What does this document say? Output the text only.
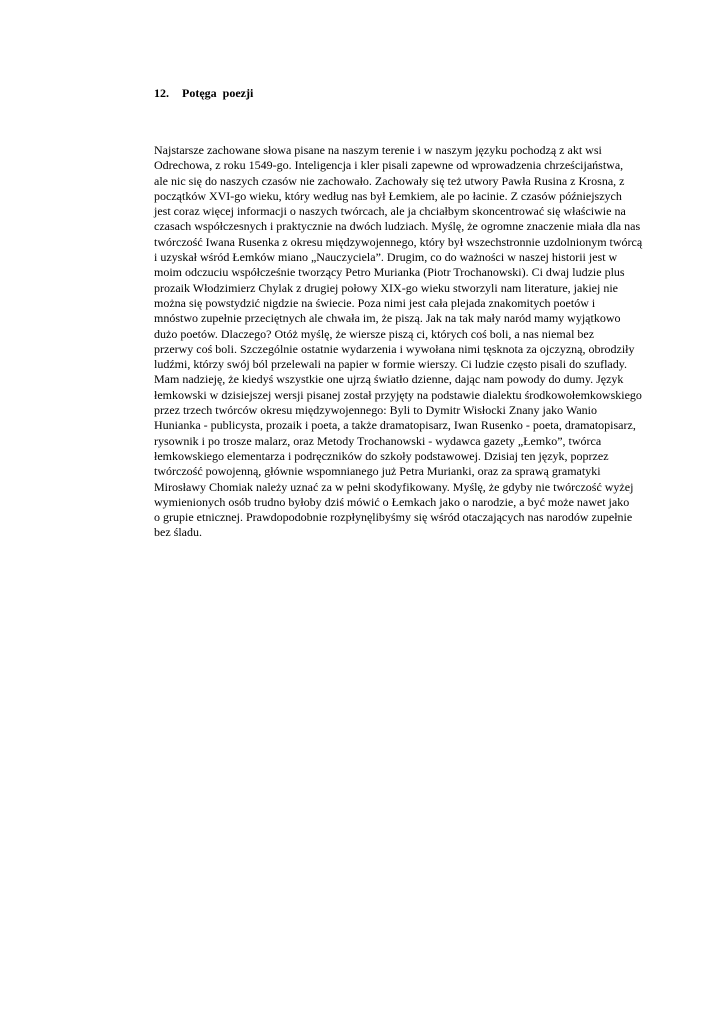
12. Potęga  poezji
Najstarsze zachowane słowa pisane na naszym terenie i w naszym języku pochodzą z akt wsi
Odrechowa, z roku 1549-go. Inteligencja i kler pisali zapewne od wprowadzenia chrześcijaństwa,
ale nic się do naszych czasów nie zachowało. Zachowały się też utwory Pawła Rusina z Krosna, z
początków XVI-go wieku, który według nas był Łemkiem, ale po łacinie. Z czasów późniejszych
jest coraz więcej informacji o naszych twórcach, ale ja chciałbym skoncentrować się właściwie na
czasach współczesnych i praktycznie na dwóch ludziach. Myślę, że ogromne znaczenie miała dla nas
twórczość Iwana Rusenka z okresu międzywojennego, który był wszechstronnie uzdolnionym twórcą
i uzyskał wśród Łemków miano „Nauczyciela”. Drugim, co do ważności w naszej historii jest w
moim odczuciu współcześnie tworzący Petro Murianka (Piotr Trochanowski). Ci dwaj ludzie plus
prozaik Włodzimierz Chylak z drugiej połowy XIX-go wieku stworzyli nam literature, jakiej nie
można się powstydzić nigdzie na świecie. Poza nimi jest cała plejada znakomitych poetów i
mnóstwo zupełnie przeciętnych ale chwała im, że piszą. Jak na tak mały naród mamy wyjątkowo
dużo poetów. Dlaczego? Otóż myślę, że wiersze piszą ci, których coś boli, a nas niemal bez
przerwy coś boli. Szczególnie ostatnie wydarzenia i wywołana nimi tęsknota za ojczyzną, obrodziły
ludźmi, którzy swój ból przelewali na papier w formie wierszy. Ci ludzie często pisali do szuflady.
Mam nadzieję, że kiedyś wszystkie one ujrzą światło dzienne, dając nam powody do dumy. Język
łemkowski w dzisiejszej wersji pisanej został przyjęty na podstawie dialektu środkowołemkowskiego
przez trzech twórców okresu międzywojennego: Byli to Dymitr Wisłocki Znany jako Wanio
Hunianka - publicysta, prozaik i poeta, a także dramatopisarz, Iwan Rusenko - poeta, dramatopisarz,
rysownik i po trosze malarz, oraz Metody Trochanowski - wydawca gazety „Łemko”, twórca
łemkowskiego elementarza i podręczników do szkoły podstawowej. Dzisiaj ten język, poprzez
twórczość powojenną, głównie wspomnianego już Petra Murianki, oraz za sprawą gramatyki
Mirosławy Chomiak należy uznać za w pełni skodyfikowany. Myślę, że gdyby nie twórczość wyżej
wymienionych osób trudno byłoby dziś mówić o Łemkach jako o narodzie, a być może nawet jako
o grupie etnicznej. Prawdopodobnie rozpłynęlibyśmy się wśród otaczających nas narodów zupełnie
bez śladu.
